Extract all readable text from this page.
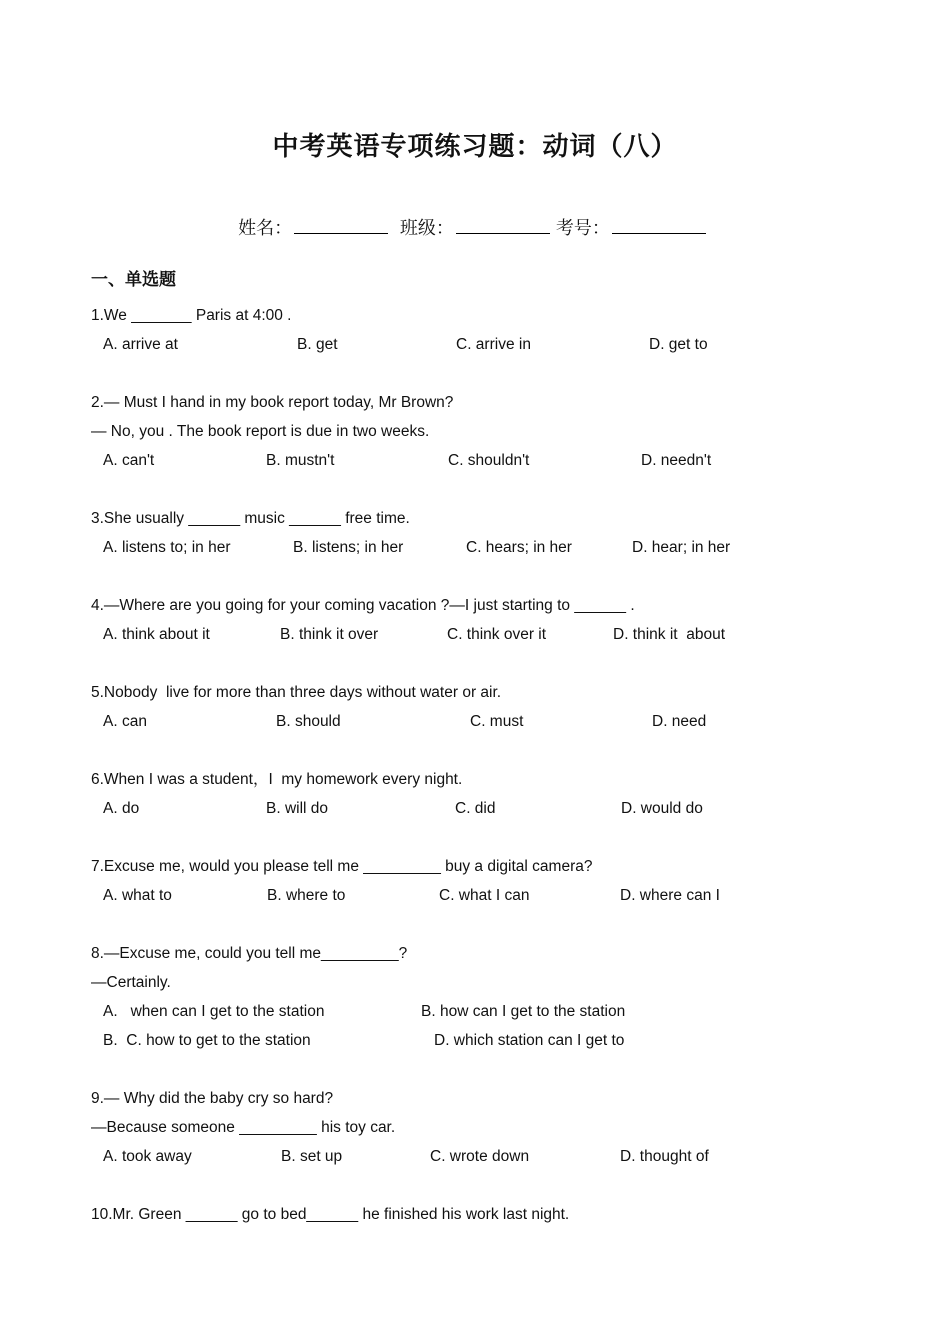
中考英语专项练习题：动词（八）
姓名：	班级：	考号：
一、单选题
1.We _______ Paris at 4:00 .
A. arrive at	B. get	C. arrive in	D. get to
2.— Must I hand in my book report today, Mr Brown?
— No, you . The book report is due in two weeks.
A. can't	B. mustn't	C. shouldn't	D. needn't
3.She usually ______ music ______ free time.
A. listens to; in her	B. listens; in her	C. hears; in her	D. hear; in her
4.—Where are you going for your coming vacation ?—I just starting to ______ .
A. think about it	B. think it over	C. think over it	D. think it  about
5.Nobody  live for more than three days without water or air.
A. can	B. should	C. must	D. need
6.When I was a student，I  my homework every night.
A. do	B. will do	C. did	D. would do
7.Excuse me, would you please tell me _________ buy a digital camera?
A. what to	B. where to	C. what I can	D. where can I
8.—Excuse me, could you tell me_________?
—Certainly.
A.   when can I get to the station	B. how can I get to the station
B.  C. how to get to the station	D. which station can I get to
9.— Why did the baby cry so hard?
—Because someone _________ his toy car.
A. took away	B. set up	C. wrote down	D. thought of
10.Mr. Green ______ go to bed______ he finished his work last night.
